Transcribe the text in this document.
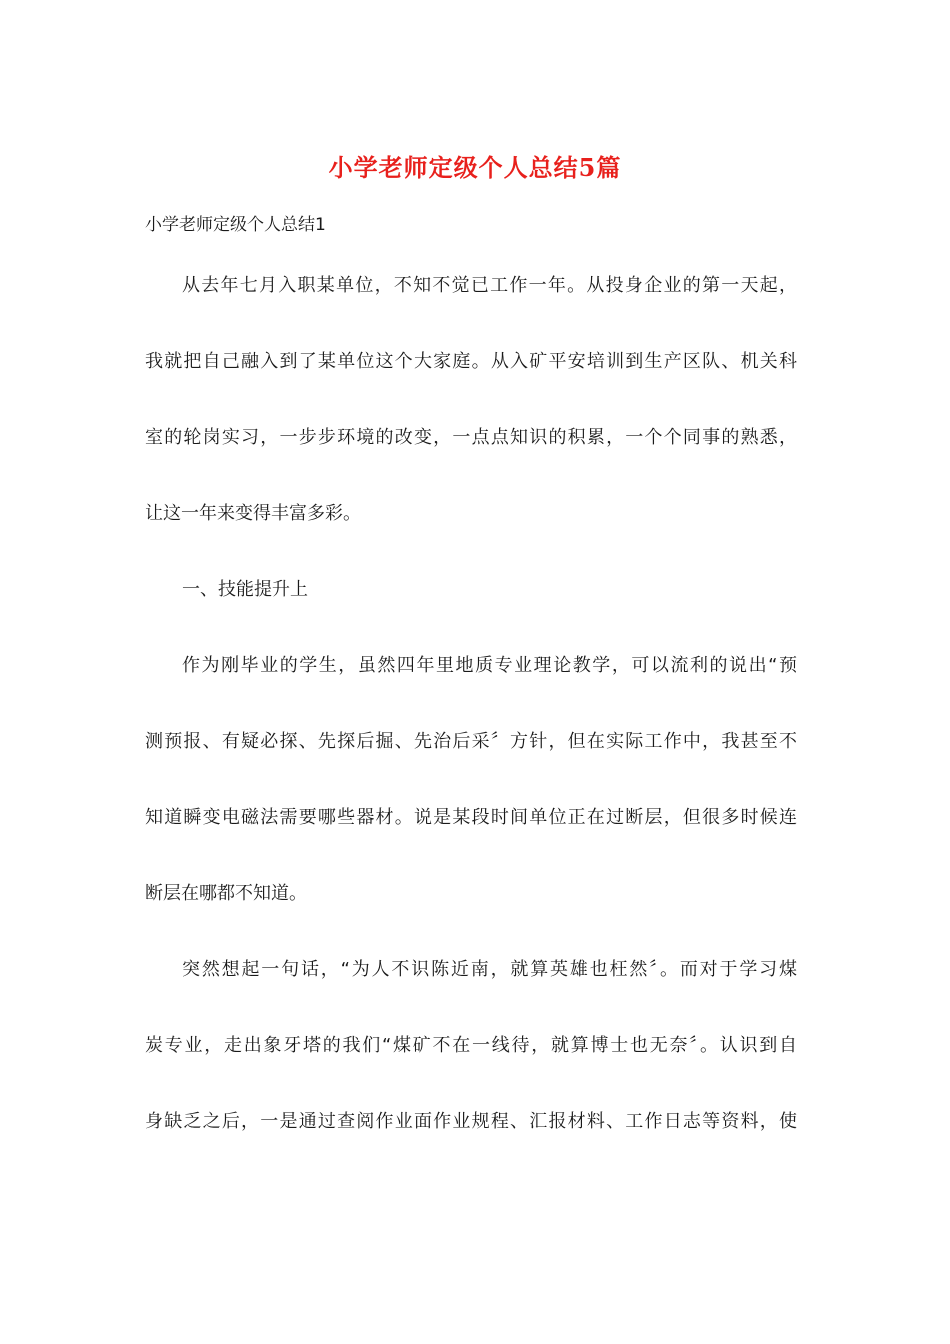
小学老师定级个人总结5篇

小学老师定级个人总结1

从去年七月入职某单位，不知不觉已工作一年。从投身企业的第一天起，
我就把自己融入到了某单位这个大家庭。从入矿平安培训到生产区队、机关科
室的轮岗实习，一步步环境的改变，一点点知识的积累，一个个同事的熟悉，
让这一年来变得丰富多彩。
一、技能提升上
作为刚毕业的学生，虽然四年里地质专业理论教学，可以流利的说出“预
测预报、有疑必探、先探后掘、先治后采〞方针，但在实际工作中，我甚至不
知道瞬变电磁法需要哪些器材。说是某段时间单位正在过断层，但很多时候连
断层在哪都不知道。
突然想起一句话，“为人不识陈近南，就算英雄也枉然〞。而对于学习煤
炭专业，走出象牙塔的我们“煤矿不在一线待，就算博士也无奈〞。认识到自
身缺乏之后，一是通过查阅作业面作业规程、汇报材料、工作日志等资料，使
